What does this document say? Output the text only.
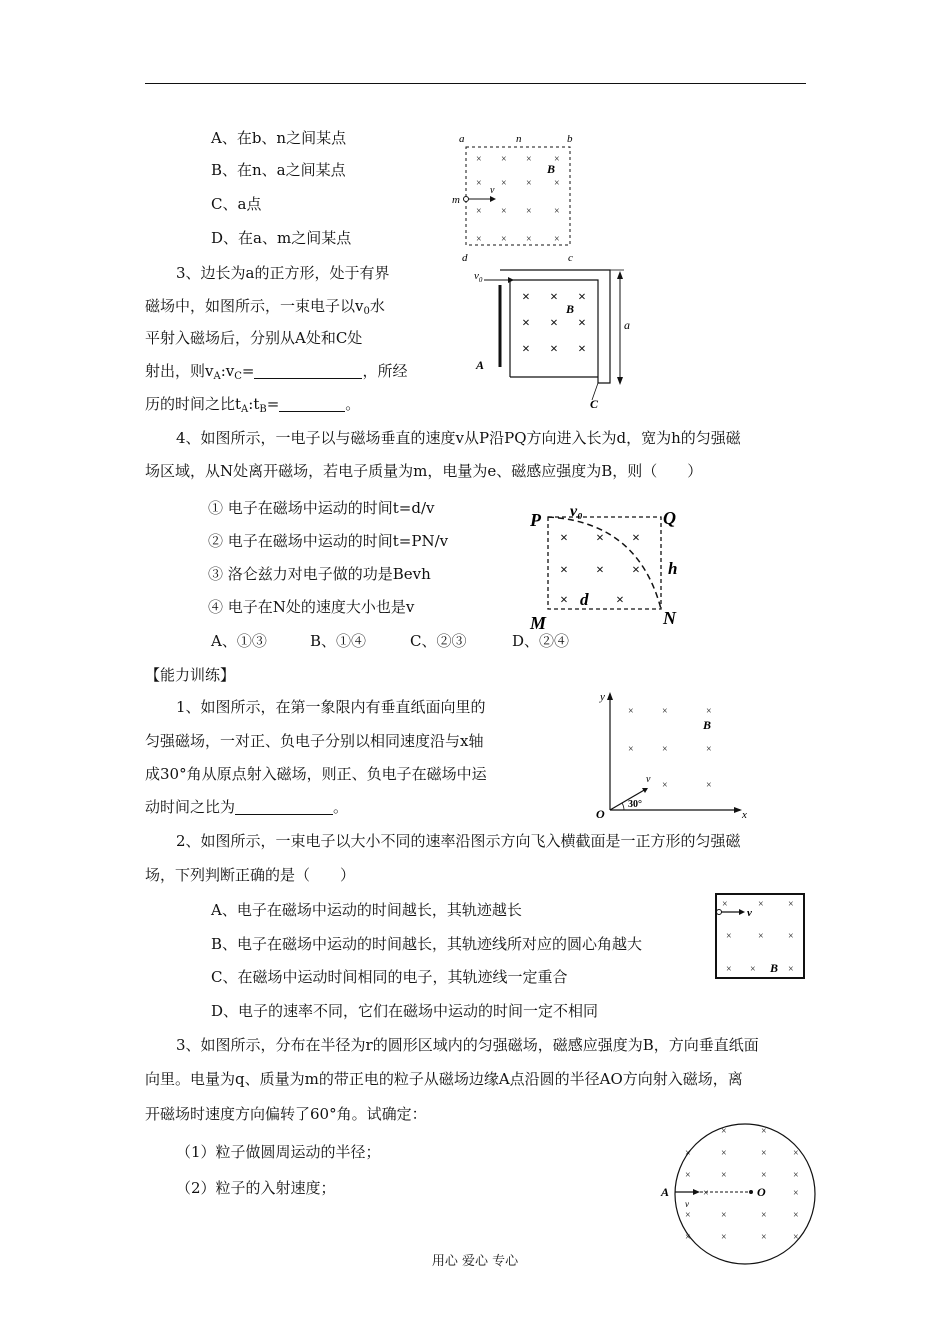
A、在b、n之间某点
B、在n、a之间某点
C、a点
D、在a、m之间某点
× × × ×
× × × ×
× × × ×
× × × ×
a	n	b
m
v
B
d	c
3、边长为a的正方形，处于有界
磁场中，如图所示，一束电子以$v_0$水
平射入磁场后，分别从A处和C处
射出，则$v_A:v_C=$	，所经
历的时间之比$t_A:t_B=$	。
× × ×
× × ×
× × ×
$v_0$
B
a
A
C
4、如图所示，一电子以与磁场垂直的速度v从P沿PQ方向进入长为d，宽为h的匀强磁
场区域，从N处离开磁场，若电子质量为m，电量为e、磁感应强度为B，则（　　）
① 电子在磁场中运动的时间t=d/v
② 电子在磁场中运动的时间t=PN/v
③ 洛仑兹力对电子做的功是Bevh
④ 电子在N处的速度大小也是v
A、①③	B、①④	C、②③	D、②④
× × ×
× × ×
×	×
P	Q
v₀
h
d
M	N
【能力训练】
1、如图所示，在第一象限内有垂直纸面向里的
匀强磁场，一对正、负电子分别以相同速度沿与x轴
成30°角从原点射入磁场，则正、负电子在磁场中运
动时间之比为	。
×	×	×
×	×	×
×	×
y
x
O
v
B
30°
2、如图所示，一束电子以大小不同的速率沿图示方向飞入横截面是一正方形的匀强磁
场，下列判断正确的是（　　）
A、电子在磁场中运动的时间越长，其轨迹越长
B、电子在磁场中运动的时间越长，其轨迹线所对应的圆心角越大
C、在磁场中运动时间相同的电子，其轨迹线一定重合
D、电子的速率不同，它们在磁场中运动的时间一定不相同
×	× ×
×	× ×
× ×	×
v
B
3、如图所示，分布在半径为r的圆形区域内的匀强磁场，磁感应强度为B，方向垂直纸面
向里。电量为q、质量为m的带正电的粒子从磁场边缘A点沿圆的半径AO方向射入磁场，离
开磁场时速度方向偏转了60°角。试确定：
（1）粒子做圆周运动的半径；
（2）粒子的入射速度；
×	×
×	×	×	×
×	×	×	×
×	×
×	×	×	×
×	×	×	×
A	O
v
用心 爱心 专心
